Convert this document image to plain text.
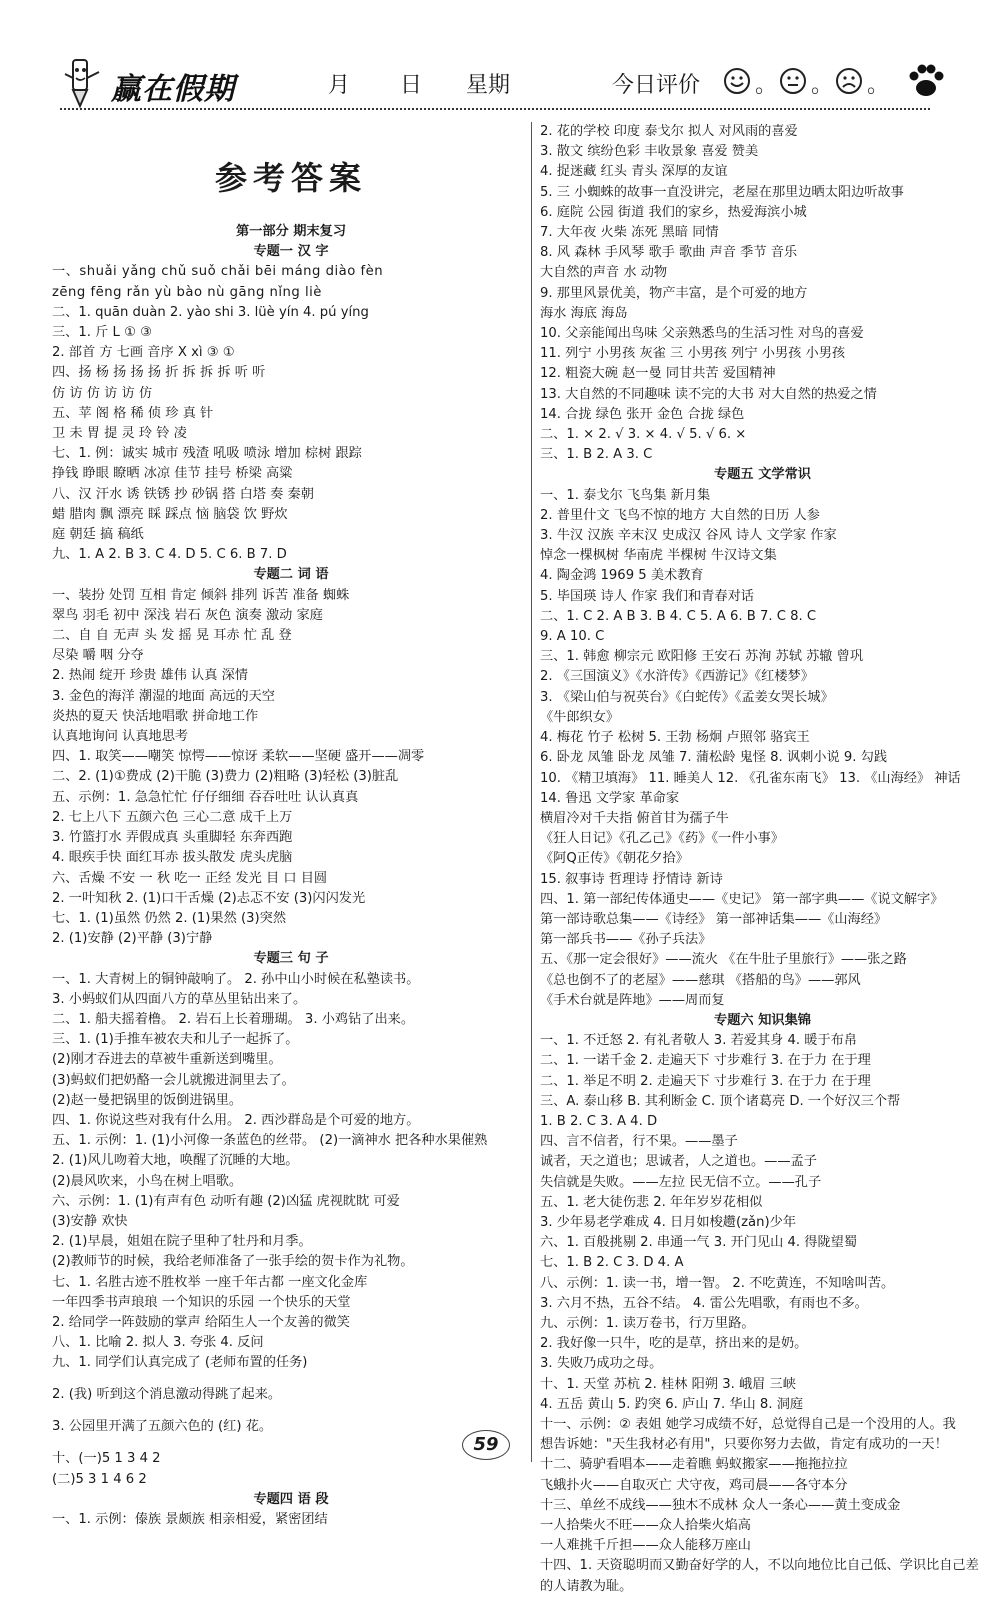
赢在假期	月 日 星期	今日评价 。 。 。
参考答案
第一部分 期末复习
专题一 汉 字
一、shuǎi yǎng chǔ suǒ chǎi bēi máng diào fèn
zēng fēng rǎn yù bào nù gāng nǐng liè
二、1. quān duàn 2. yào shi 3. lüè yín 4. pú yíng
三、1. 斤 L ① ③
2. 部首 方 七画 音序 X xì ③ ①
四、扬 杨 扬 扬 扬 折 拆 拆 拆 听 听
仿 访 仿 访 访 仿
五、苹 阁 格 稀 侦 珍 真 针
卫 未 胃 提 灵 玲 铃 凌
七、1. 例：诚实 城市 残渣 吼吸 喷泳 增加 棕树 跟踪
挣钱 睁眼 瞭晒 冰凉 佳节 挂号 桥梁 高粱
八、汉 汗水 诱 铁锈 抄 砂锅 搭 白塔 奏 秦朝
蜡 腊肉 飘 漂亮 睬 踩点 恼 脑袋 饮 野炊
庭 朝廷 搞 稿纸
九、1. A 2. B 3. C 4. D 5. C 6. B 7. D
专题二 词 语
一、装扮 处罚 互相 肯定 倾斜 排列 诉苦 准备 蜘蛛
翠鸟 羽毛 初中 深浅 岩石 灰色 演奏 激动 家庭
二、自 自 无声 头 发 摇 晃 耳赤 忙 乱 登
尽染 嚼 咽 分夺
2. 热闹 绽开 珍贵 雄伟 认真 深情
3. 金色的海洋 潮湿的地面 高远的天空
炎热的夏天 快活地唱歌 拼命地工作
认真地询问 认真地思考
四、1. 取笑——嘲笑 惊愕——惊讶 柔软——坚硬 盛开——凋零
二、2. (1)①费成 (2)干脆 (3)费力 (2)粗略 (3)轻松 (3)脏乱
五、示例：1. 急急忙忙 仔仔细细 吞吞吐吐 认认真真
2. 七上八下 五颜六色 三心二意 成千上万
3. 竹篮打水 弄假成真 头重脚轻 东奔西跑
4. 眼疾手快 面红耳赤 拔头散发 虎头虎脑
六、舌燥 不安 一 秋 吃一 正经 发光 目 口 目圆
2. 一叶知秋 2. (1)口干舌燥 (2)忐忑不安 (3)闪闪发光
七、1. (1)虽然 仍然 2. (1)果然 (3)突然
2. (1)安静 (2)平静 (3)宁静
专题三 句 子
一、1. 大青树上的铜钟敲响了。 2. 孙中山小时候在私塾读书。
3. 小蚂蚁们从四面八方的草丛里钻出来了。
二、1. 船夫摇着橹。 2. 岩石上长着珊瑚。 3. 小鸡钻了出来。
三、1. (1)手推车被农夫和儿子一起拆了。
(2)刚才吞进去的草被牛重新送到嘴里。
(3)蚂蚁们把奶酪一会儿就搬进洞里去了。
(2)赵一曼把锅里的饭倒进锅里。
四、1. 你说这些对我有什么用。 2. 西沙群岛是个可爱的地方。
五、1. 示例：1. (1)小河像一条蓝色的丝带。 (2)一滴神水 把各种水果催熟
2. (1)风儿吻着大地，唤醒了沉睡的大地。
(2)晨风吹来，小鸟在树上唱歌。
六、示例：1. (1)有声有色 动听有趣 (2)凶猛 虎视眈眈 可爱
(3)安静 欢快
2. (1)早晨，姐姐在院子里种了牡丹和月季。
(2)教师节的时候，我给老师准备了一张手绘的贺卡作为礼物。
七、1. 名胜古迹不胜枚举 一座千年古都 一座文化金库
一年四季书声琅琅 一个知识的乐园 一个快乐的天堂
2. 给同学一阵鼓励的掌声 给陌生人一个友善的微笑
八、1. 比喻 2. 拟人 3. 夸张 4. 反问
九、1. 同学们认真完成了 (老师布置的任务)
2. (我) 听到这个消息激动得跳了起来。
3. 公园里开满了五颜六色的 (红) 花。
十、(一)5 1 3 4 2
(二)5 3 1 4 6 2
专题四 语 段
一、1. 示例：傣族 景颇族 相亲相爱，紧密团结
2. 花的学校 印度 泰戈尔 拟人 对风雨的喜爱
3. 散文 缤纷色彩 丰收景象 喜爱 赞美
4. 捉迷藏 红头 青头 深厚的友谊
5. 三 小蜘蛛的故事一直没讲完，老屋在那里边晒太阳边听故事
6. 庭院 公园 街道 我们的家乡，热爱海滨小城
7. 大年夜 火柴 冻死 黑暗 同情
8. 风 森林 手风琴 歌手 歌曲 声音 季节 音乐
大自然的声音 水 动物
9. 那里风景优美，物产丰富，是个可爱的地方
海水 海底 海岛
10. 父亲能闻出鸟味 父亲熟悉鸟的生活习性 对鸟的喜爱
11. 列宁 小男孩 灰雀 三 小男孩 列宁 小男孩 小男孩
12. 粗瓷大碗 赵一曼 同甘共苦 爱国精神
13. 大自然的不同趣味 读不完的大书 对大自然的热爱之情
14. 合拢 绿色 张开 金色 合拢 绿色
二、1. × 2. √ 3. × 4. √ 5. √ 6. ×
三、1. B 2. A 3. C
专题五 文学常识
一、1. 泰戈尔 飞鸟集 新月集
2. 普里什文 飞鸟不惊的地方 大自然的日历 人参
3. 牛汉 汉族 辛末汉 史成汉 谷风 诗人 文学家 作家
悼念一棵枫树 华南虎 半棵树 牛汉诗文集
4. 陶金鸿 1969 5 美术教育
5. 毕国瑛 诗人 作家 我们和青春对话
二、1. C 2. A B 3. B 4. C 5. A 6. B 7. C 8. C
9. A 10. C
三、1. 韩愈 柳宗元 欧阳修 王安石 苏洵 苏轼 苏辙 曾巩
2. 《三国演义》《水浒传》《西游记》《红楼梦》
3. 《梁山伯与祝英台》《白蛇传》《孟姜女哭长城》
《牛郎织女》
4. 梅花 竹子 松树 5. 王勃 杨炯 卢照邻 骆宾王
6. 卧龙 凤雏 卧龙 凤雏 7. 蒲松龄 鬼怪 8. 讽刺小说 9. 勾践
10. 《精卫填海》 11. 睡美人 12. 《孔雀东南飞》 13. 《山海经》 神话
14. 鲁迅 文学家 革命家
横眉冷对千夫指 俯首甘为孺子牛
《狂人日记》《孔乙己》《药》《一件小事》
《阿Q正传》《朝花夕拾》
15. 叙事诗 哲理诗 抒情诗 新诗
四、1. 第一部纪传体通史——《史记》 第一部字典——《说文解字》
第一部诗歌总集——《诗经》 第一部神话集——《山海经》
第一部兵书——《孙子兵法》
五、《那一定会很好》——流火 《在牛肚子里旅行》——张之路
《总也倒不了的老屋》——慈琪 《搭船的鸟》——郭风
《手术台就是阵地》——周而复
专题六 知识集锦
一、1. 不迁怒 2. 有礼者敬人 3. 若爱其身 4. 暖于布帛
二、1. 一诺千金 2. 走遍天下 寸步难行 3. 在于力 在于理
二、1. 举足不明 2. 走遍天下 寸步难行 3. 在于力 在于理
三、A. 泰山移 B. 其利断金 C. 顶个诸葛亮 D. 一个好汉三个帮
1. B 2. C 3. A 4. D
四、言不信者，行不果。——墨子
诚者，天之道也；思诚者，人之道也。——孟子
失信就是失败。——左拉 民无信不立。——孔子
五、1. 老大徒伤悲 2. 年年岁岁花相似
3. 少年易老学难成 4. 日月如梭趱(zǎn)少年
六、1. 百般挑剔 2. 串通一气 3. 开门见山 4. 得陇望蜀
七、1. B 2. C 3. D 4. A
八、示例：1. 读一书，增一智。 2. 不吃黄连，不知啥叫苦。
3. 六月不热，五谷不结。 4. 雷公先唱歌，有雨也不多。
九、示例：1. 读万卷书，行万里路。
2. 我好像一只牛，吃的是草，挤出来的是奶。
3. 失败乃成功之母。
十、1. 天堂 苏杭 2. 桂林 阳朔 3. 峨眉 三峡
4. 五岳 黄山 5. 趵突 6. 庐山 7. 华山 8. 洞庭
十一、示例：② 表姐 她学习成绩不好，总觉得自己是一个没用的人。我
想告诉她："天生我材必有用"，只要你努力去做，肯定有成功的一天！
十二、骑驴看唱本——走着瞧 蚂蚁搬家——拖拖拉拉
飞蛾扑火——自取灭亡 犬守夜，鸡司晨——各守本分
十三、单丝不成线——独木不成林 众人一条心——黄土变成金
一人拾柴火不旺——众人拾柴火焰高
一人难挑千斤担——众人能移万座山
十四、1. 天资聪明而又勤奋好学的人，不以向地位比自己低、学识比自己差
的人请教为耻。
59
